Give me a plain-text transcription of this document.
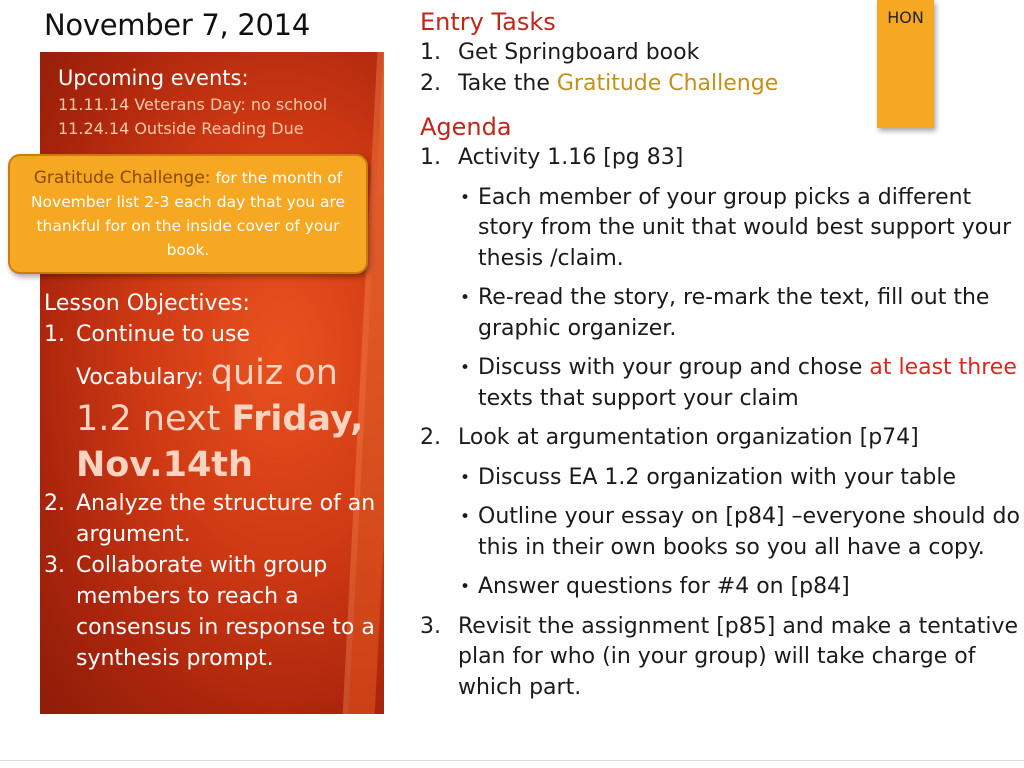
November 7, 2014
Upcoming events:
11.11.14 Veterans Day: no school
11.24.14 Outside Reading Due
Gratitude Challenge: for the month of November list 2-3 each day that you are thankful for on the inside cover of your book.
Lesson Objectives:
1. Continue to use
Vocabulary: quiz on 1.2 next Friday, Nov.14th
2. Analyze the structure of an argument.
3. Collaborate with group members to reach a consensus in response to a synthesis prompt.
Entry Tasks
1. Get Springboard book
2. Take the Gratitude Challenge
Agenda
1. Activity 1.16 [pg 83]
• Each member of your group picks a different story from the unit that would best support your thesis /claim.
• Re-read the story, re-mark the text, fill out the graphic organizer.
• Discuss with your group and chose at least three texts that support your claim
2. Look at argumentation organization [p74]
• Discuss EA 1.2 organization with your table
• Outline your essay on [p84] –everyone should do this in their own books so you all have a copy.
• Answer questions for #4 on [p84]
3. Revisit the assignment [p85] and make a tentative plan for who (in your group) will take charge of which part.
HON
